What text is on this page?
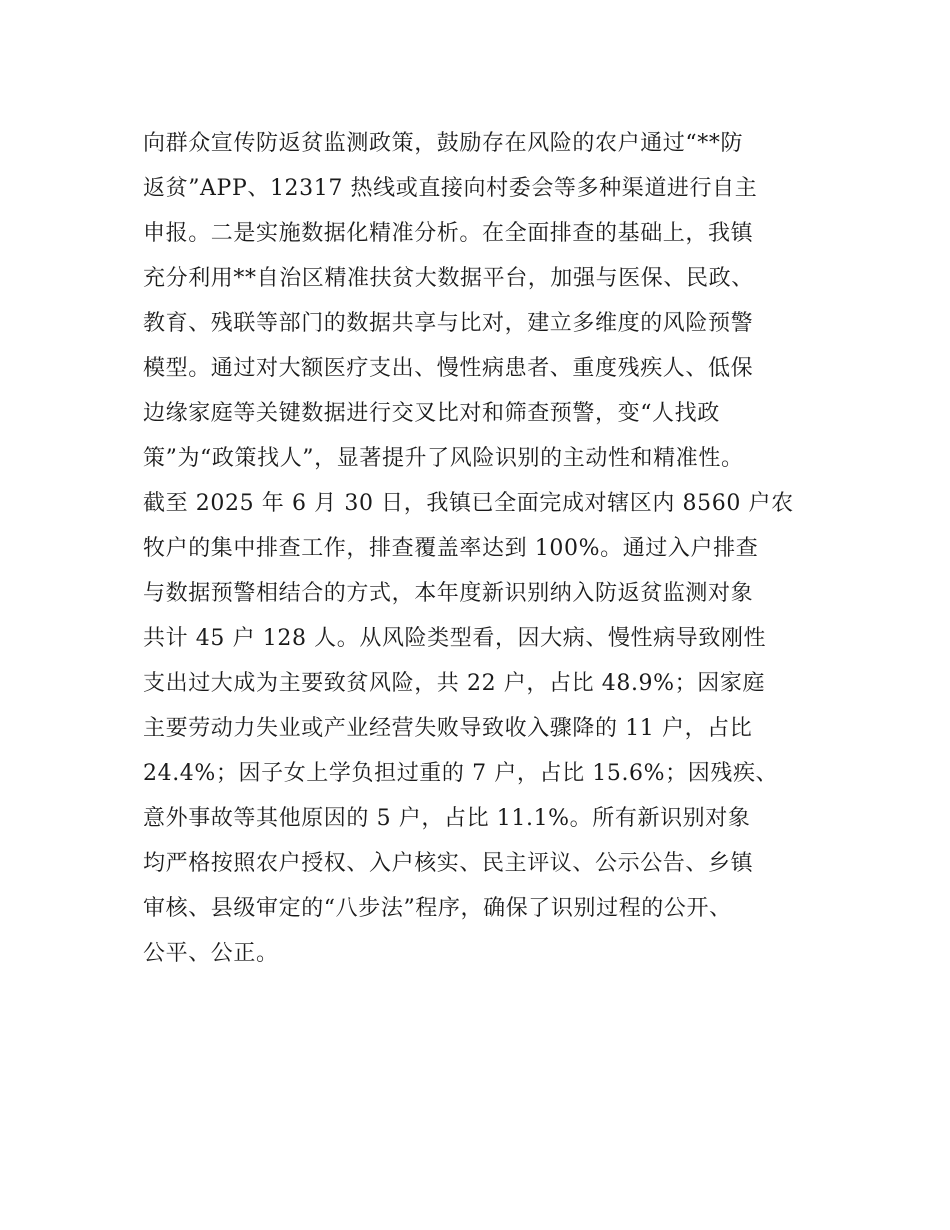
向群众宣传防返贫监测政策，鼓励存在风险的农户通过“**防
返贫”APP、12317 热线或直接向村委会等多种渠道进行自主
申报。二是实施数据化精准分析。在全面排查的基础上，我镇
充分利用**自治区精准扶贫大数据平台，加强与医保、民政、
教育、残联等部门的数据共享与比对，建立多维度的风险预警
模型。通过对大额医疗支出、慢性病患者、重度残疾人、低保
边缘家庭等关键数据进行交叉比对和筛查预警，变“人找政
策”为“政策找人”，显著提升了风险识别的主动性和精准性。
截至 2025 年 6 月 30 日，我镇已全面完成对辖区内 8560 户农
牧户的集中排查工作，排查覆盖率达到 100%。通过入户排查
与数据预警相结合的方式，本年度新识别纳入防返贫监测对象
共计 45 户 128 人。从风险类型看，因大病、慢性病导致刚性
支出过大成为主要致贫风险，共 22 户，占比 48.9%；因家庭
主要劳动力失业或产业经营失败导致收入骤降的 11 户，占比
24.4%；因子女上学负担过重的 7 户，占比 15.6%；因残疾、
意外事故等其他原因的 5 户，占比 11.1%。所有新识别对象
均严格按照农户授权、入户核实、民主评议、公示公告、乡镇
审核、县级审定的“八步法”程序，确保了识别过程的公开、
公平、公正。
